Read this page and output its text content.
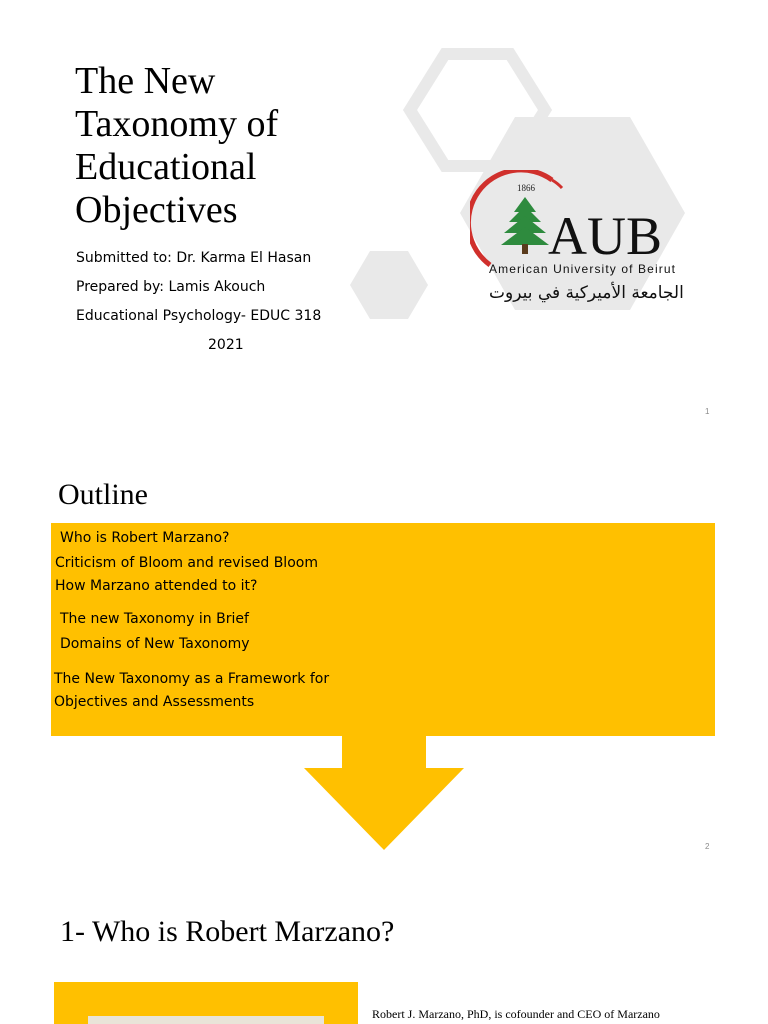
The New
Taxonomy of
Educational
Objectives
Submitted to: Dr. Karma El Hasan
Prepared by: Lamis Akouch
Educational Psychology- EDUC 318
2021
1866
AUB
American University of Beirut
الجامعة الأميركية في بيروت
1
Outline
Who is Robert Marzano?
Criticism of Bloom and revised Bloom
How Marzano attended to it?
The new Taxonomy in Brief
Domains of New Taxonomy
The New Taxonomy as a Framework for
Objectives and Assessments
2
1- Who is Robert Marzano?
Robert J. Marzano, PhD, is cofounder and CEO of Marzano
